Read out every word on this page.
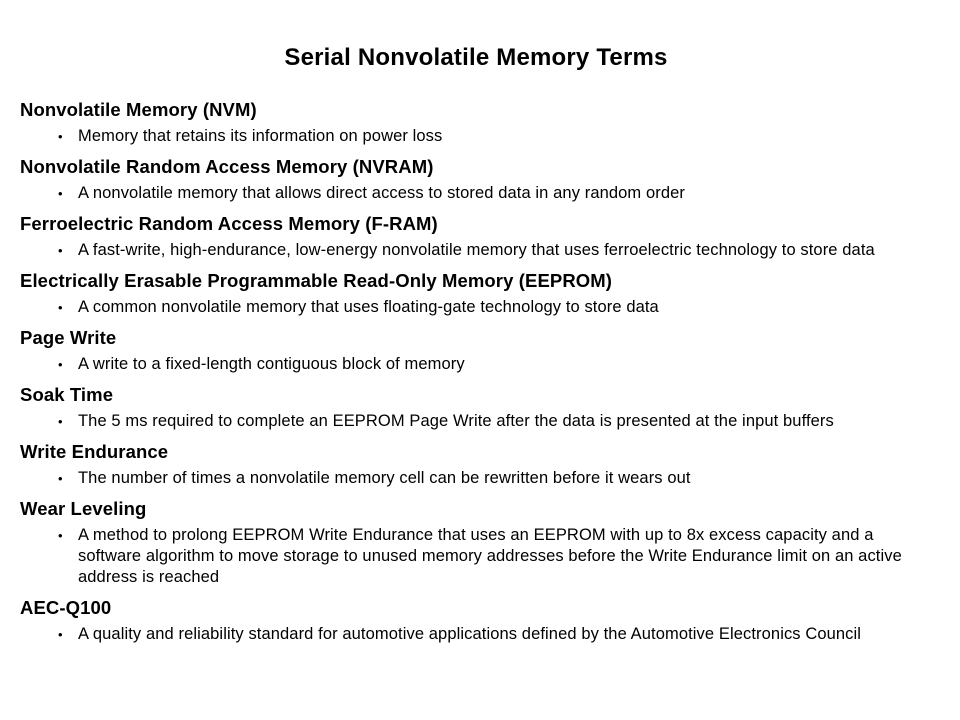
Serial Nonvolatile Memory Terms
Nonvolatile Memory (NVM)
• Memory that retains its information on power loss
Nonvolatile Random Access Memory (NVRAM)
• A nonvolatile memory that allows direct access to stored data in any random order
Ferroelectric Random Access Memory (F-RAM)
• A fast-write, high-endurance, low-energy nonvolatile memory that uses ferroelectric technology to store data
Electrically Erasable Programmable Read-Only Memory (EEPROM)
• A common nonvolatile memory that uses floating-gate technology to store data
Page Write
• A write to a fixed-length contiguous block of memory
Soak Time
• The 5 ms required to complete an EEPROM Page Write after the data is presented at the input buffers
Write Endurance
• The number of times a nonvolatile memory cell can be rewritten before it wears out
Wear Leveling
• A method to prolong EEPROM Write Endurance that uses an EEPROM with up to 8x excess capacity and a software algorithm to move storage to unused memory addresses before the Write Endurance limit on an active address is reached
AEC-Q100
• A quality and reliability standard for automotive applications defined by the Automotive Electronics Council
